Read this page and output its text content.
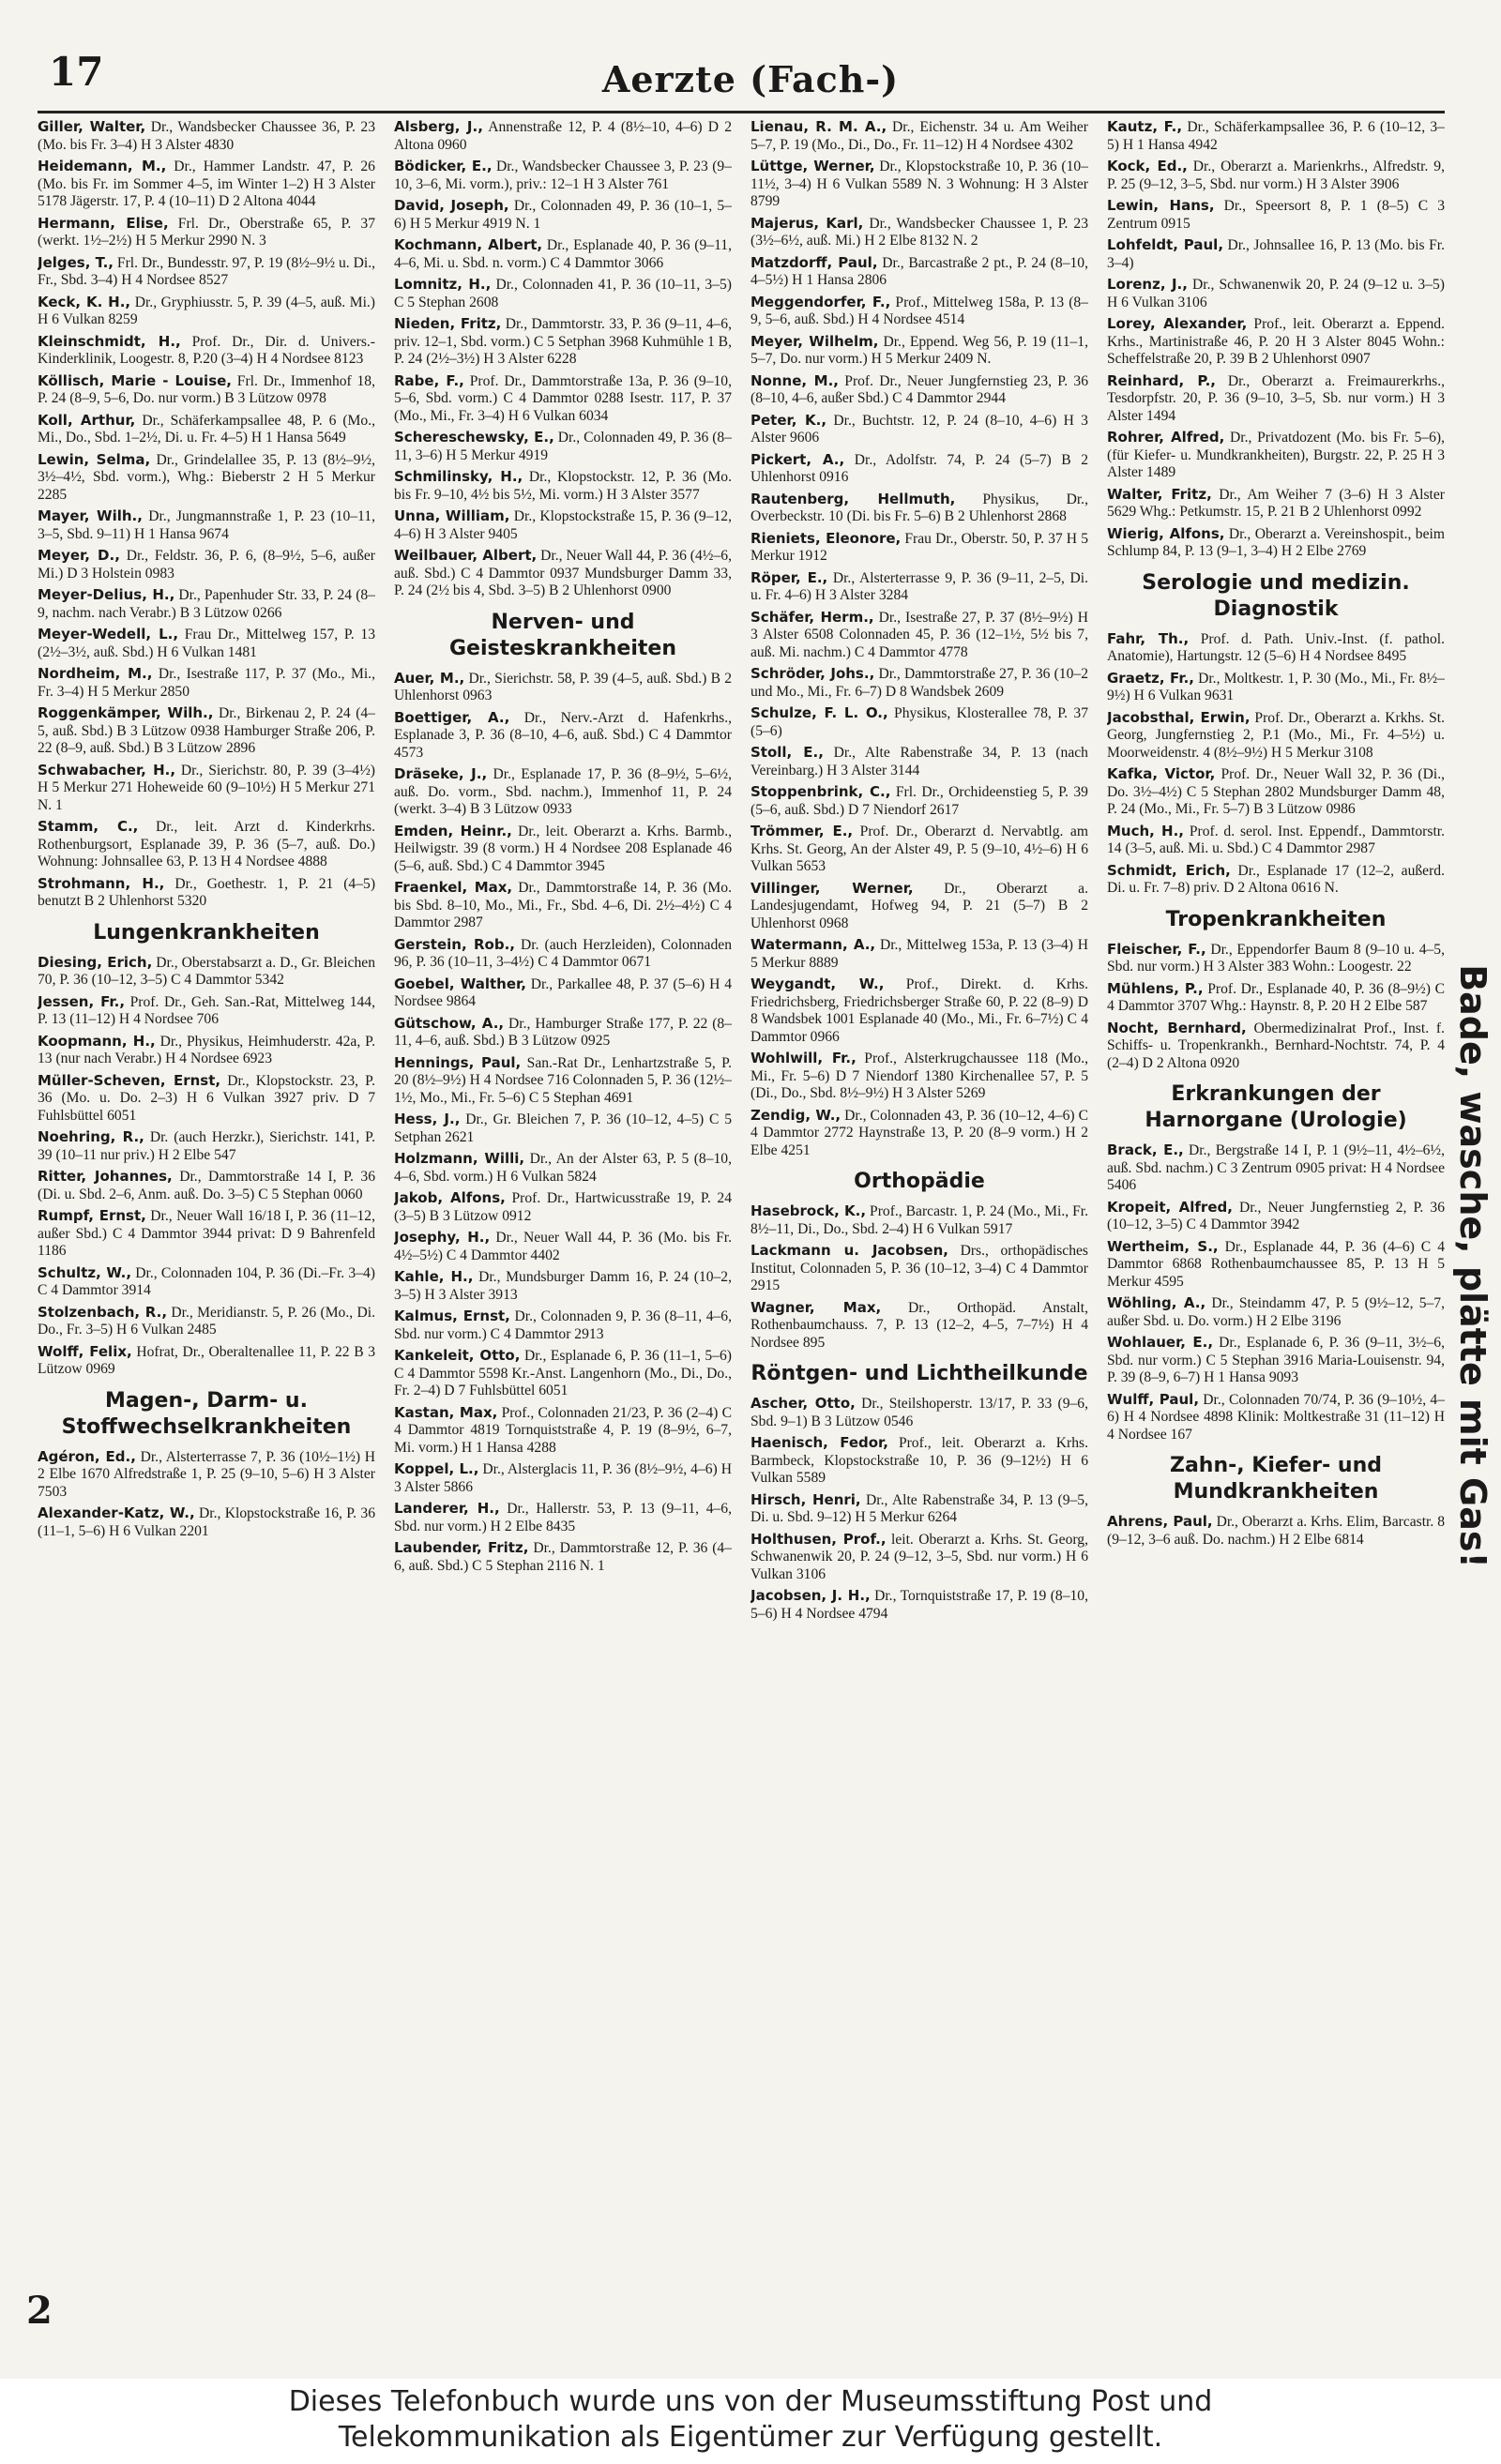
17	Aerzte (Fach-)
Giller, Walter, Dr., Wandsbecker Chaussee 36, P. 23 (Mo. bis Fr. 3–4) H 3 Alster 4830
Heidemann, M., Dr., Hammer Landstr. 47, P. 26 (Mo. bis Fr. im Sommer 4–5, im Winter 1–2) H 3 Alster 5178 Jägerstr. 17, P. 4 (10–11) D 2 Altona 4044
Hermann, Elise, Frl. Dr., Oberstraße 65, P. 37 (werkt. 1½–2½) H 5 Merkur 2990 N. 3
Jelges, T., Frl. Dr., Bundesstr. 97, P. 19 (8½–9½ u. Di., Fr., Sbd. 3–4) H 4 Nordsee 8527
Keck, K. H., Dr., Gryphiusstr. 5, P. 39 (4–5, auß. Mi.) H 6 Vulkan 8259
Kleinschmidt, H., Prof. Dr., Dir. d. Univers.-Kinderklinik, Loogestr. 8, P.20 (3–4) H 4 Nordsee 8123
Köllisch, Marie - Louise, Frl. Dr., Immenhof 18, P. 24 (8–9, 5–6, Do. nur vorm.) B 3 Lützow 0978
Koll, Arthur, Dr., Schäferkampsallee 48, P. 6 (Mo., Mi., Do., Sbd. 1–2½, Di. u. Fr. 4–5) H 1 Hansa 5649
Lewin, Selma, Dr., Grindelallee 35, P. 13 (8½–9½, 3½–4½, Sbd. vorm.), Whg.: Bieberstr 2 H 5 Merkur 2285
Mayer, Wilh., Dr., Jungmannstraße 1, P. 23 (10–11, 3–5, Sbd. 9–11) H 1 Hansa 9674
Meyer, D., Dr., Feldstr. 36, P. 6, (8–9½, 5–6, außer Mi.) D 3 Holstein 0983
Meyer-Delius, H., Dr., Papenhuder Str. 33, P. 24 (8–9, nachm. nach Verabr.) B 3 Lützow 0266
Meyer-Wedell, L., Frau Dr., Mittelweg 157, P. 13 (2½–3½, auß. Sbd.) H 6 Vulkan 1481
Nordheim, M., Dr., Isestraße 117, P. 37 (Mo., Mi., Fr. 3–4) H 5 Merkur 2850
Roggenkämper, Wilh., Dr., Birkenau 2, P. 24 (4–5, auß. Sbd.) B 3 Lützow 0938 Hamburger Straße 206, P. 22 (8–9, auß. Sbd.) B 3 Lützow 2896
Schwabacher, H., Dr., Sierichstr. 80, P. 39 (3–4½) H 5 Merkur 271 Hoheweide 60 (9–10½) H 5 Merkur 271 N. 1
Stamm, C., Dr., leit. Arzt d. Kinderkrhs. Rothenburgsort, Esplanade 39, P. 36 (5–7, auß. Do.) Wohnung: Johnsallee 63, P. 13 H 4 Nordsee 4888
Strohmann, H., Dr., Goethestr. 1, P. 21 (4–5) benutzt B 2 Uhlenhorst 5320
Lungenkrankheiten
Diesing, Erich, Dr., Oberstabsarzt a. D., Gr. Bleichen 70, P. 36 (10–12, 3–5) C 4 Dammtor 5342
Jessen, Fr., Prof. Dr., Geh. San.-Rat, Mittelweg 144, P. 13 (11–12) H 4 Nordsee 706
Koopmann, H., Dr., Physikus, Heimhuderstr. 42a, P. 13 (nur nach Verabr.) H 4 Nordsee 6923
Müller-Scheven, Ernst, Dr., Klopstockstr. 23, P. 36 (Mo. u. Do. 2–3) H 6 Vulkan 3927 priv. D 7 Fuhlsbüttel 6051
Noehring, R., Dr. (auch Herzkr.), Sierichstr. 141, P. 39 (10–11 nur priv.) H 2 Elbe 547
Ritter, Johannes, Dr., Dammtorstraße 14 I, P. 36 (Di. u. Sbd. 2–6, Anm. auß. Do. 3–5) C 5 Stephan 0060
Rumpf, Ernst, Dr., Neuer Wall 16/18 I, P. 36 (11–12, außer Sbd.) C 4 Dammtor 3944 privat: D 9 Bahrenfeld 1186
Schultz, W., Dr., Colonnaden 104, P. 36 (Di.–Fr. 3–4) C 4 Dammtor 3914
Stolzenbach, R., Dr., Meridianstr. 5, P. 26 (Mo., Di. Do., Fr. 3–5) H 6 Vulkan 2485
Wolff, Felix, Hofrat, Dr., Oberaltenallee 11, P. 22 B 3 Lützow 0969
Magen-, Darm- u. Stoffwechselkrankheiten
Agéron, Ed., Dr., Alsterterrasse 7, P. 36 (10½–1½) H 2 Elbe 1670 Alfredstraße 1, P. 25 (9–10, 5–6) H 3 Alster 7503
Alexander-Katz, W., Dr., Klopstockstraße 16, P. 36 (11–1, 5–6) H 6 Vulkan 2201
Alsberg, J., Annenstraße 12, P. 4 (8½–10, 4–6) D 2 Altona 0960
Bödicker, E., Dr., Wandsbecker Chaussee 3, P. 23 (9–10, 3–6, Mi. vorm.), priv.: 12–1 H 3 Alster 761
David, Joseph, Dr., Colonnaden 49, P. 36 (10–1, 5–6) H 5 Merkur 4919 N. 1
Kochmann, Albert, Dr., Esplanade 40, P. 36 (9–11, 4–6, Mi. u. Sbd. n. vorm.) C 4 Dammtor 3066
Lomnitz, H., Dr., Colonnaden 41, P. 36 (10–11, 3–5) C 5 Stephan 2608
Nieden, Fritz, Dr., Dammtorstr. 33, P. 36 (9–11, 4–6, priv. 12–1, Sbd. vorm.) C 5 Setphan 3968 Kuhmühle 1 B, P. 24 (2½–3½) H 3 Alster 6228
Rabe, F., Prof. Dr., Dammtorstraße 13a, P. 36 (9–10, 5–6, Sbd. vorm.) C 4 Dammtor 0288 Isestr. 117, P. 37 (Mo., Mi., Fr. 3–4) H 6 Vulkan 6034
Schereschewsky, E., Dr., Colonnaden 49, P. 36 (8–11, 3–6) H 5 Merkur 4919
Schmilinsky, H., Dr., Klopstockstr. 12, P. 36 (Mo. bis Fr. 9–10, 4½ bis 5½, Mi. vorm.) H 3 Alster 3577
Unna, William, Dr., Klopstockstraße 15, P. 36 (9–12, 4–6) H 3 Alster 9405
Weilbauer, Albert, Dr., Neuer Wall 44, P. 36 (4½–6, auß. Sbd.) C 4 Dammtor 0937 Mundsburger Damm 33, P. 24 (2½ bis 4, Sbd. 3–5) B 2 Uhlenhorst 0900
Nerven- und Geisteskrankheiten
Auer, M., Dr., Sierichstr. 58, P. 39 (4–5, auß. Sbd.) B 2 Uhlenhorst 0963
Boettiger, A., Dr., Nerv.-Arzt d. Hafenkrhs., Esplanade 3, P. 36 (8–10, 4–6, auß. Sbd.) C 4 Dammtor 4573
Dräseke, J., Dr., Esplanade 17, P. 36 (8–9½, 5–6½, auß. Do. vorm., Sbd. nachm.), Immenhof 11, P. 24 (werkt. 3–4) B 3 Lützow 0933
Emden, Heinr., Dr., leit. Oberarzt a. Krhs. Barmb., Heilwigstr. 39 (8 vorm.) H 4 Nordsee 208 Esplanade 46 (5–6, auß. Sbd.) C 4 Dammtor 3945
Fraenkel, Max, Dr., Dammtorstraße 14, P. 36 (Mo. bis Sbd. 8–10, Mo., Mi., Fr., Sbd. 4–6, Di. 2½–4½) C 4 Dammtor 2987
Gerstein, Rob., Dr. (auch Herzleiden), Colonnaden 96, P. 36 (10–11, 3–4½) C 4 Dammtor 0671
Goebel, Walther, Dr., Parkallee 48, P. 37 (5–6) H 4 Nordsee 9864
Gütschow, A., Dr., Hamburger Straße 177, P. 22 (8–11, 4–6, auß. Sbd.) B 3 Lützow 0925
Hennings, Paul, San.-Rat Dr., Lenhartzstraße 5, P. 20 (8½–9½) H 4 Nordsee 716 Colonnaden 5, P. 36 (12½–1½, Mo., Mi., Fr. 5–6) C 5 Stephan 4691
Hess, J., Dr., Gr. Bleichen 7, P. 36 (10–12, 4–5) C 5 Setphan 2621
Holzmann, Willi, Dr., An der Alster 63, P. 5 (8–10, 4–6, Sbd. vorm.) H 6 Vulkan 5824
Jakob, Alfons, Prof. Dr., Hartwicusstraße 19, P. 24 (3–5) B 3 Lützow 0912
Josephy, H., Dr., Neuer Wall 44, P. 36 (Mo. bis Fr. 4½–5½) C 4 Dammtor 4402
Kahle, H., Dr., Mundsburger Damm 16, P. 24 (10–2, 3–5) H 3 Alster 3913
Kalmus, Ernst, Dr., Colonnaden 9, P. 36 (8–11, 4–6, Sbd. nur vorm.) C 4 Dammtor 2913
Kankeleit, Otto, Dr., Esplanade 6, P. 36 (11–1, 5–6) C 4 Dammtor 5598 Kr.-Anst. Langenhorn (Mo., Di., Do., Fr. 2–4) D 7 Fuhlsbüttel 6051
Kastan, Max, Prof., Colonnaden 21/23, P. 36 (2–4) C 4 Dammtor 4819 Tornquiststraße 4, P. 19 (8–9½, 6–7, Mi. vorm.) H 1 Hansa 4288
Koppel, L., Dr., Alsterglacis 11, P. 36 (8½–9½, 4–6) H 3 Alster 5866
Landerer, H., Dr., Hallerstr. 53, P. 13 (9–11, 4–6, Sbd. nur vorm.) H 2 Elbe 8435
Laubender, Fritz, Dr., Dammtorstraße 12, P. 36 (4–6, auß. Sbd.) C 5 Stephan 2116 N. 1
Lienau, R. M. A., Dr., Eichenstr. 34 u. Am Weiher 5–7, P. 19 (Mo., Di., Do., Fr. 11–12) H 4 Nordsee 4302
Lüttge, Werner, Dr., Klopstockstraße 10, P. 36 (10–11½, 3–4) H 6 Vulkan 5589 N. 3 Wohnung: H 3 Alster 8799
Majerus, Karl, Dr., Wandsbecker Chaussee 1, P. 23 (3½–6½, auß. Mi.) H 2 Elbe 8132 N. 2
Matzdorff, Paul, Dr., Barcastraße 2 pt., P. 24 (8–10, 4–5½) H 1 Hansa 2806
Meggendorfer, F., Prof., Mittelweg 158a, P. 13 (8–9, 5–6, auß. Sbd.) H 4 Nordsee 4514
Meyer, Wilhelm, Dr., Eppend. Weg 56, P. 19 (11–1, 5–7, Do. nur vorm.) H 5 Merkur 2409 N.
Nonne, M., Prof. Dr., Neuer Jungfernstieg 23, P. 36 (8–10, 4–6, außer Sbd.) C 4 Dammtor 2944
Peter, K., Dr., Buchtstr. 12, P. 24 (8–10, 4–6) H 3 Alster 9606
Pickert, A., Dr., Adolfstr. 74, P. 24 (5–7) B 2 Uhlenhorst 0916
Rautenberg, Hellmuth, Physikus, Dr., Overbeckstr. 10 (Di. bis Fr. 5–6) B 2 Uhlenhorst 2868
Rieniets, Eleonore, Frau Dr., Oberstr. 50, P. 37 H 5 Merkur 1912
Röper, E., Dr., Alsterterrasse 9, P. 36 (9–11, 2–5, Di. u. Fr. 4–6) H 3 Alster 3284
Schäfer, Herm., Dr., Isestraße 27, P. 37 (8½–9½) H 3 Alster 6508 Colonnaden 45, P. 36 (12–1½, 5½ bis 7, auß. Mi. nachm.) C 4 Dammtor 4778
Schröder, Johs., Dr., Dammtorstraße 27, P. 36 (10–2 und Mo., Mi., Fr. 6–7) D 8 Wandsbek 2609
Schulze, F. L. O., Physikus, Klosterallee 78, P. 37 (5–6)
Stoll, E., Dr., Alte Rabenstraße 34, P. 13 (nach Vereinbarg.) H 3 Alster 3144
Stoppenbrink, C., Frl. Dr., Orchideenstieg 5, P. 39 (5–6, auß. Sbd.) D 7 Niendorf 2617
Trömmer, E., Prof. Dr., Oberarzt d. Nervabtlg. am Krhs. St. Georg, An der Alster 49, P. 5 (9–10, 4½–6) H 6 Vulkan 5653
Villinger, Werner, Dr., Oberarzt a. Landesjugendamt, Hofweg 94, P. 21 (5–7) B 2 Uhlenhorst 0968
Watermann, A., Dr., Mittelweg 153a, P. 13 (3–4) H 5 Merkur 8889
Weygandt, W., Prof., Direkt. d. Krhs. Friedrichsberg, Friedrichsberger Straße 60, P. 22 (8–9) D 8 Wandsbek 1001 Esplanade 40 (Mo., Mi., Fr. 6–7½) C 4 Dammtor 0966
Wohlwill, Fr., Prof., Alsterkrugchaussee 118 (Mo., Mi., Fr. 5–6) D 7 Niendorf 1380 Kirchenallee 57, P. 5 (Di., Do., Sbd. 8½–9½) H 3 Alster 5269
Zendig, W., Dr., Colonnaden 43, P. 36 (10–12, 4–6) C 4 Dammtor 2772 Haynstraße 13, P. 20 (8–9 vorm.) H 2 Elbe 4251
Orthopädie
Hasebrock, K., Prof., Barcastr. 1, P. 24 (Mo., Mi., Fr. 8½–11, Di., Do., Sbd. 2–4) H 6 Vulkan 5917
Lackmann u. Jacobsen, Drs., orthopädisches Institut, Colonnaden 5, P. 36 (10–12, 3–4) C 4 Dammtor 2915
Wagner, Max, Dr., Orthopäd. Anstalt, Rothenbaumchauss. 7, P. 13 (12–2, 4–5, 7–7½) H 4 Nordsee 895
Röntgen- und Lichtheilkunde
Ascher, Otto, Dr., Steilshoperstr. 13/17, P. 33 (9–6, Sbd. 9–1) B 3 Lützow 0546
Haenisch, Fedor, Prof., leit. Oberarzt a. Krhs. Barmbeck, Klopstockstraße 10, P. 36 (9–12½) H 6 Vulkan 5589
Hirsch, Henri, Dr., Alte Rabenstraße 34, P. 13 (9–5, Di. u. Sbd. 9–12) H 5 Merkur 6264
Holthusen, Prof., leit. Oberarzt a. Krhs. St. Georg, Schwanenwik 20, P. 24 (9–12, 3–5, Sbd. nur vorm.) H 6 Vulkan 3106
Jacobsen, J. H., Dr., Tornquiststraße 17, P. 19 (8–10, 5–6) H 4 Nordsee 4794
Kautz, F., Dr., Schäferkampsallee 36, P. 6 (10–12, 3–5) H 1 Hansa 4942
Kock, Ed., Dr., Oberarzt a. Marienkrhs., Alfredstr. 9, P. 25 (9–12, 3–5, Sbd. nur vorm.) H 3 Alster 3906
Lewin, Hans, Dr., Speersort 8, P. 1 (8–5) C 3 Zentrum 0915
Lohfeldt, Paul, Dr., Johnsallee 16, P. 13 (Mo. bis Fr. 3–4)
Lorenz, J., Dr., Schwanenwik 20, P. 24 (9–12 u. 3–5) H 6 Vulkan 3106
Lorey, Alexander, Prof., leit. Oberarzt a. Eppend. Krhs., Martinistraße 46, P. 20 H 3 Alster 8045 Wohn.: Scheffelstraße 20, P. 39 B 2 Uhlenhorst 0907
Reinhard, P., Dr., Oberarzt a. Freimaurerkrhs., Tesdorpfstr. 20, P. 36 (9–10, 3–5, Sb. nur vorm.) H 3 Alster 1494
Rohrer, Alfred, Dr., Privatdozent (Mo. bis Fr. 5–6), (für Kiefer- u. Mundkrankheiten), Burgstr. 22, P. 25 H 3 Alster 1489
Walter, Fritz, Dr., Am Weiher 7 (3–6) H 3 Alster 5629 Whg.: Petkumstr. 15, P. 21 B 2 Uhlenhorst 0992
Wierig, Alfons, Dr., Oberarzt a. Vereinshospit., beim Schlump 84, P. 13 (9–1, 3–4) H 2 Elbe 2769
Serologie und medizin. Diagnostik
Fahr, Th., Prof. d. Path. Univ.-Inst. (f. pathol. Anatomie), Hartungstr. 12 (5–6) H 4 Nordsee 8495
Graetz, Fr., Dr., Moltkestr. 1, P. 30 (Mo., Mi., Fr. 8½–9½) H 6 Vulkan 9631
Jacobsthal, Erwin, Prof. Dr., Oberarzt a. Krkhs. St. Georg, Jungfernstieg 2, P.1 (Mo., Mi., Fr. 4–5½) u. Moorweidenstr. 4 (8½–9½) H 5 Merkur 3108
Kafka, Victor, Prof. Dr., Neuer Wall 32, P. 36 (Di., Do. 3½–4½) C 5 Stephan 2802 Mundsburger Damm 48, P. 24 (Mo., Mi., Fr. 5–7) B 3 Lützow 0986
Much, H., Prof. d. serol. Inst. Eppendf., Dammtorstr. 14 (3–5, auß. Mi. u. Sbd.) C 4 Dammtor 2987
Schmidt, Erich, Dr., Esplanade 17 (12–2, außerd. Di. u. Fr. 7–8) priv. D 2 Altona 0616 N.
Tropenkrankheiten
Fleischer, F., Dr., Eppendorfer Baum 8 (9–10 u. 4–5, Sbd. nur vorm.) H 3 Alster 383 Wohn.: Loogestr. 22
Mühlens, P., Prof. Dr., Esplanade 40, P. 36 (8–9½) C 4 Dammtor 3707 Whg.: Haynstr. 8, P. 20 H 2 Elbe 587
Nocht, Bernhard, Obermedizinalrat Prof., Inst. f. Schiffs- u. Tropenkrankh., Bernhard-Nochtstr. 74, P. 4 (2–4) D 2 Altona 0920
Erkrankungen der Harnorgane (Urologie)
Brack, E., Dr., Bergstraße 14 I, P. 1 (9½–11, 4½–6½, auß. Sbd. nachm.) C 3 Zentrum 0905 privat: H 4 Nordsee 5406
Kropeit, Alfred, Dr., Neuer Jungfernstieg 2, P. 36 (10–12, 3–5) C 4 Dammtor 3942
Wertheim, S., Dr., Esplanade 44, P. 36 (4–6) C 4 Dammtor 6868 Rothenbaumchaussee 85, P. 13 H 5 Merkur 4595
Wöhling, A., Dr., Steindamm 47, P. 5 (9½–12, 5–7, außer Sbd. u. Do. vorm.) H 2 Elbe 3196
Wohlauer, E., Dr., Esplanade 6, P. 36 (9–11, 3½–6, Sbd. nur vorm.) C 5 Stephan 3916 Maria-Louisenstr. 94, P. 39 (8–9, 6–7) H 1 Hansa 9093
Wulff, Paul, Dr., Colonnaden 70/74, P. 36 (9–10½, 4–6) H 4 Nordsee 4898 Klinik: Moltkestraße 31 (11–12) H 4 Nordsee 167
Zahn-, Kiefer- und Mundkrankheiten
Ahrens, Paul, Dr., Oberarzt a. Krhs. Elim, Barcastr. 8 (9–12, 3–6 auß. Do. nachm.) H 2 Elbe 6814	Bade, wasche, plätte mit Gas!
2
Dieses Telefonbuch wurde uns von der Museumsstiftung Post und
Telekommunikation als Eigentümer zur Verfügung gestellt.
